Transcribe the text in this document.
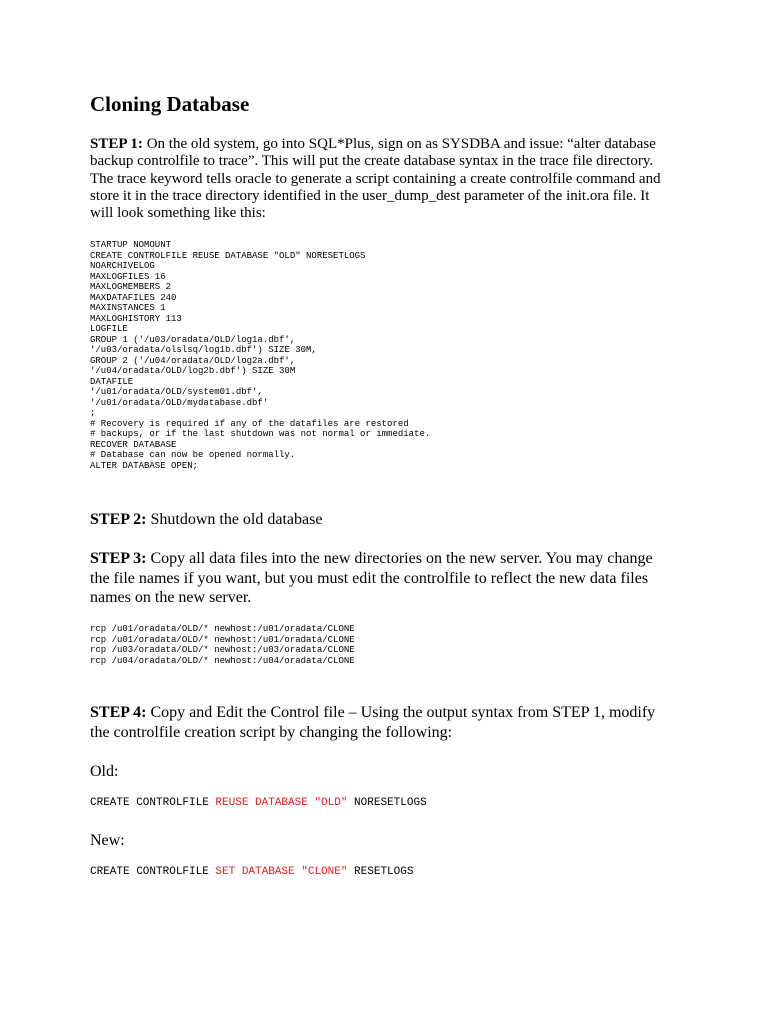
Cloning Database

STEP 1: On the old system, go into SQL*Plus, sign on as SYSDBA and issue: “alter database backup controlfile to trace”. This will put the create database syntax in the trace file directory. The trace keyword tells oracle to generate a script containing a create controlfile command and store it in the trace directory identified in the user_dump_dest parameter of the init.ora file. It will look something like this:

STARTUP NOMOUNT
CREATE CONTROLFILE REUSE DATABASE "OLD" NORESETLOGS
NOARCHIVELOG
MAXLOGFILES 16
MAXLOGMEMBERS 2
MAXDATAFILES 240
MAXINSTANCES 1
MAXLOGHISTORY 113
LOGFILE
GROUP 1 ('/u03/oradata/OLD/log1a.dbf',
'/u03/oradata/olslsq/log1b.dbf') SIZE 30M,
GROUP 2 ('/u04/oradata/OLD/log2a.dbf',
'/u04/oradata/OLD/log2b.dbf') SIZE 30M
DATAFILE
'/u01/oradata/OLD/system01.dbf',
'/u01/oradata/OLD/mydatabase.dbf'
;
# Recovery is required if any of the datafiles are restored
# backups, or if the last shutdown was not normal or immediate.
RECOVER DATABASE
# Database can now be opened normally.
ALTER DATABASE OPEN;

STEP 2: Shutdown the old database

STEP 3: Copy all data files into the new directories on the new server. You may change the file names if you want, but you must edit the controlfile to reflect the new data files names on the new server.

rcp /u01/oradata/OLD/* newhost:/u01/oradata/CLONE
rcp /u01/oradata/OLD/* newhost:/u01/oradata/CLONE
rcp /u03/oradata/OLD/* newhost:/u03/oradata/CLONE
rcp /u04/oradata/OLD/* newhost:/u04/oradata/CLONE

STEP 4: Copy and Edit the Control file – Using the output syntax from STEP 1, modify the controlfile creation script by changing the following:

Old:
CREATE CONTROLFILE REUSE DATABASE "OLD" NORESETLOGS
New:
CREATE CONTROLFILE SET DATABASE "CLONE" RESETLOGS
